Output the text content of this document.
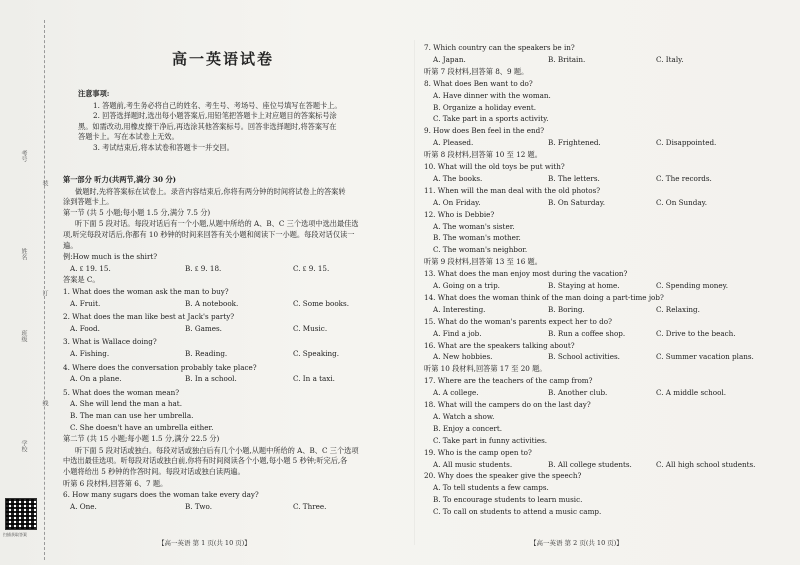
考号
姓名
班级
学校
装
订
线
扫描获取答案
高一英语试卷
注意事项:
1. 答题前,考生务必将自己的姓名、考生号、考场号、座位号填写在答题卡上。
2. 回答选择题时,选出每小题答案后,用铅笔把答题卡上对应题目的答案标号涂
黑。如需改动,用橡皮擦干净后,再选涂其他答案标号。回答非选择题时,将答案写在
答题卡上。写在本试卷上无效。
3. 考试结束后,将本试卷和答题卡一并交回。
第一部分 听力(共两节,满分 30 分)
做题时,先将答案标在试卷上。录音内容结束后,你将有两分钟的时间将试卷上的答案转
涂到答题卡上。
第一节 (共 5 小题;每小题 1.5 分,满分 7.5 分)
听下面 5 段对话。每段对话后有一个小题,从题中所给的 A、B、C 三个选项中选出最佳选
项,听完每段对话后,你都有 10 秒钟的时间来回答有关小题和阅读下一小题。每段对话仅读一
遍。
例:How much is the shirt?
A. ₤ 19. 15.	B. ₤ 9. 18.	C. ₤ 9. 15.
答案是 C。
1. What does the woman ask the man to buy?
A. Fruit.	B. A notebook.	C. Some books.
2. What does the man like best at Jack's party?
A. Food.	B. Games.	C. Music.
3. What is Wallace doing?
A. Fishing.	B. Reading.	C. Speaking.
4. Where does the conversation probably take place?
A. On a plane.	B. In a school.	C. In a taxi.
5. What does the woman mean?
A. She will lend the man a hat.
B. The man can use her umbrella.
C. She doesn't have an umbrella either.
第二节 (共 15 小题;每小题 1.5 分,满分 22.5 分)
听下面 5 段对话或独白。每段对话或独白后有几个小题,从题中所给的 A、B、C 三个选项
中选出最佳选项。听每段对话或独白前,你将有时间阅读各个小题,每小题 5 秒钟;听完后,各
小题将给出 5 秒钟的作答时间。每段对话或独白读两遍。
听第 6 段材料,回答第 6、7 题。
6. How many sugars does the woman take every day?
A. One.	B. Two.	C. Three.
7. Which country can the speakers be in?
A. Japan.	B. Britain.	C. Italy.
听第 7 段材料,回答第 8、9 题。
8. What does Ben want to do?
A. Have dinner with the woman.
B. Organize a holiday event.
C. Take part in a sports activity.
9. How does Ben feel in the end?
A. Pleased.	B. Frightened.	C. Disappointed.
听第 8 段材料,回答第 10 至 12 题。
10. What will the old toys be put with?
A. The books.	B. The letters.	C. The records.
11. When will the man deal with the old photos?
A. On Friday.	B. On Saturday.	C. On Sunday.
12. Who is Debbie?
A. The woman's sister.
B. The woman's mother.
C. The woman's neighbor.
听第 9 段材料,回答第 13 至 16 题。
13. What does the man enjoy most during the vacation?
A. Going on a trip.	B. Staying at home.	C. Spending money.
14. What does the woman think of the man doing a part-time job?
A. Interesting.	B. Boring.	C. Relaxing.
15. What do the woman's parents expect her to do?
A. Find a job.	B. Run a coffee shop.	C. Drive to the beach.
16. What are the speakers talking about?
A. New hobbies.	B. School activities.	C. Summer vacation plans.
听第 10 段材料,回答第 17 至 20 题。
17. Where are the teachers of the camp from?
A. A college.	B. Another club.	C. A middle school.
18. What will the campers do on the last day?
A. Watch a show.
B. Enjoy a concert.
C. Take part in funny activities.
19. Who is the camp open to?
A. All music students.	B. All college students.	C. All high school students.
20. Why does the speaker give the speech?
A. To tell students a few camps.
B. To encourage students to learn music.
C. To call on students to attend a music camp.
【高一英语 第 1 页(共 10 页)】	【高一英语 第 2 页(共 10 页)】
